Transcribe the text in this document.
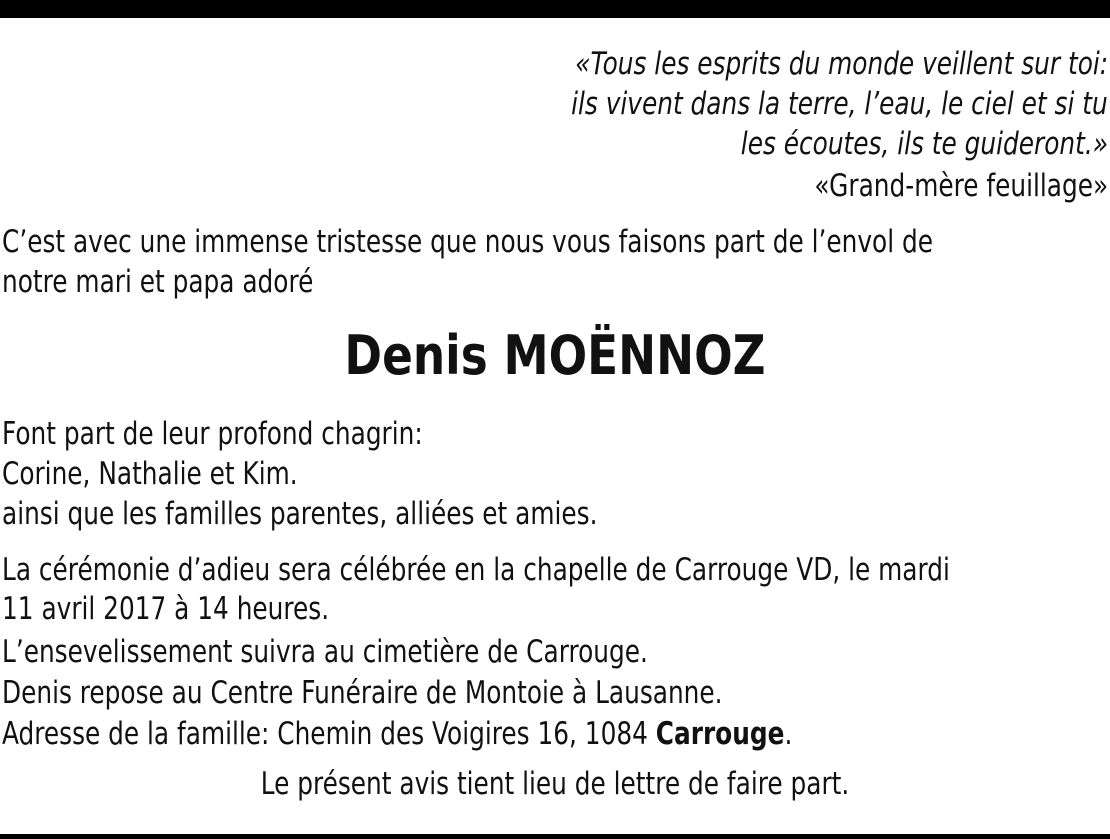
«Tous les esprits du monde veillent sur toi:
ils vivent dans la terre, l’eau, le ciel et si tu
les écoutes, ils te guideront.»
«Grand-mère feuillage»
C’est avec une immense tristesse que nous vous faisons part de l’envol de
notre mari et papa adoré
Denis MOËNNOZ
Font part de leur profond chagrin:
Corine, Nathalie et Kim.
ainsi que les familles parentes, alliées et amies.
La cérémonie d’adieu sera célébrée en la chapelle de Carrouge VD, le mardi
11 avril 2017 à 14 heures.
L’ensevelissement suivra au cimetière de Carrouge.
Denis repose au Centre Funéraire de Montoie à Lausanne.
Adresse de la famille: Chemin des Voigires 16, 1084 Carrouge.
Le présent avis tient lieu de lettre de faire part.
